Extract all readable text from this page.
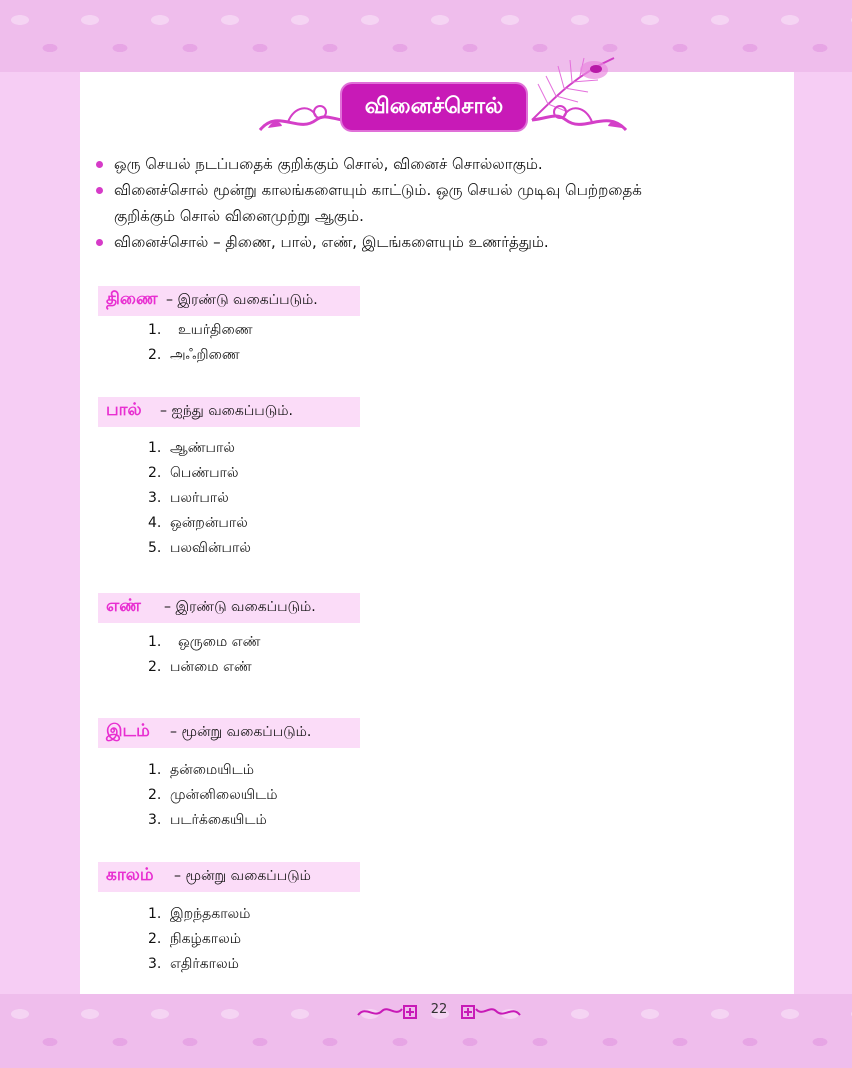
வினைச்சொல்
ஒரு செயல் நடப்பதைக் குறிக்கும் சொல், வினைச் சொல்லாகும்.
வினைச்சொல் மூன்று காலங்களையும் காட்டும். ஒரு செயல் முடிவு பெற்றதைக்
குறிக்கும் சொல் வினைமுற்று ஆகும்.
வினைச்சொல் – திணை, பால், எண், இடங்களையும் உணர்த்தும்.
திணை – இரண்டு வகைப்படும்.
1. உயர்திணை
2. அஃறிணை
பால் – ஐந்து வகைப்படும்.
1. ஆண்பால்
2. பெண்பால்
3. பலர்பால்
4. ஒன்றன்பால்
5. பலவின்பால்
எண் – இரண்டு வகைப்படும்.
1. ஒருமை எண்
2. பன்மை எண்
இடம் – மூன்று வகைப்படும்.
1. தன்மையிடம்
2. முன்னிலையிடம்
3. படர்க்கையிடம்
காலம் – மூன்று வகைப்படும்
1. இறந்தகாலம்
2. நிகழ்காலம்
3. எதிர்காலம்
22
